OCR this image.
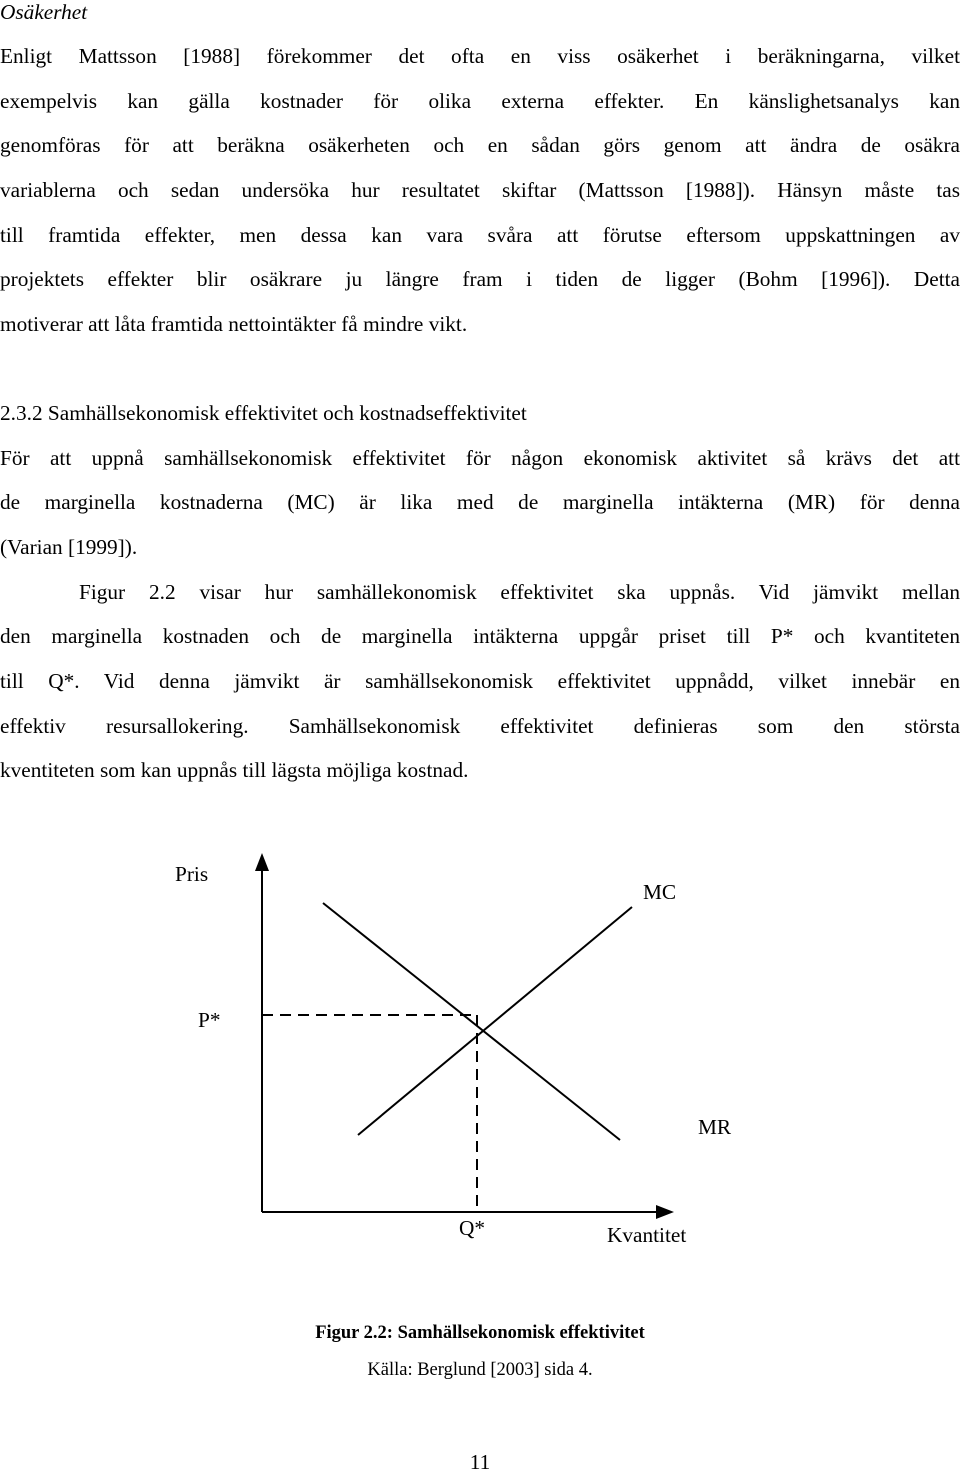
Osäkerhet
Enligt Mattsson [1988] förekommer det ofta en viss osäkerhet i beräkningarna, vilket
exempelvis kan gälla kostnader för olika externa effekter. En känslighetsanalys kan
genomföras för att beräkna osäkerheten och en sådan görs genom att ändra de osäkra
variablerna och sedan undersöka hur resultatet skiftar (Mattsson [1988]). Hänsyn måste tas
till framtida effekter, men dessa kan vara svåra att förutse eftersom uppskattningen av
projektets effekter blir osäkrare ju längre fram i tiden de ligger (Bohm [1996]). Detta
motiverar att låta framtida nettointäkter få mindre vikt.
2.3.2 Samhällsekonomisk effektivitet och kostnadseffektivitet
För att uppnå samhällsekonomisk effektivitet för någon ekonomisk aktivitet så krävs det att
de marginella kostnaderna (MC) är lika med de marginella intäkterna (MR) för denna
(Varian [1999]).
Figur 2.2 visar hur samhällekonomisk effektivitet ska uppnås. Vid jämvikt mellan
den marginella kostnaden och de marginella intäkterna uppgår priset till P* och kvantiteten
till Q*. Vid denna jämvikt är samhällsekonomisk effektivitet uppnådd, vilket innebär en
effektiv resursallokering. Samhällsekonomisk effektivitet definieras som den största
kventiteten som kan uppnås till lägsta möjliga kostnad.
Pris
MC
P*
MR
Q*	Kvantitet
Figur 2.2: Samhällsekonomisk effektivitet
Källa: Berglund [2003] sida 4.
11
